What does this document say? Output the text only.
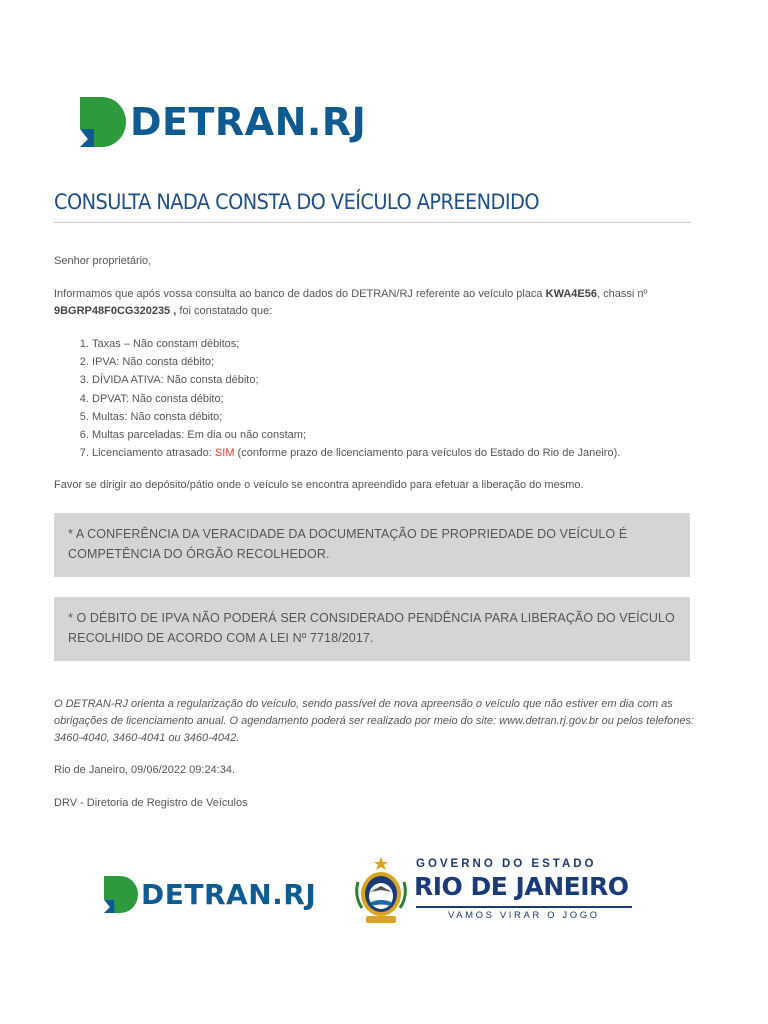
DETRAN.RJ
CONSULTA NADA CONSTA DO VEÍCULO APREENDIDO
Senhor proprietário,
Informamos que após vossa consulta ao banco de dados do DETRAN/RJ referente ao veículo placa KWA4E56, chassi nº
9BGRP48F0CG320235 , foi constatado que:
1. Taxas – Não constam débitos;
2. IPVA: Não consta débito;
3. DÍVIDA ATIVA: Não consta débito;
4. DPVAT: Não consta débito;
5. Multas: Não consta débito;
6. Multas parceladas: Em dia ou não constam;
7. Licenciamento atrasado: SIM (conforme prazo de licenciamento para veículos do Estado do Rio de Janeiro).
Favor se dirigir ao depósito/pátio onde o veículo se encontra apreendido para efetuar a liberação do mesmo.
* A CONFERÊNCIA DA VERACIDADE DA DOCUMENTAÇÃO DE PROPRIEDADE DO VEÍCULO É COMPETÊNCIA DO ÓRGÃO RECOLHEDOR.
* O DÉBITO DE IPVA NÃO PODERÁ SER CONSIDERADO PENDÊNCIA PARA LIBERAÇÃO DO VEÍCULO RECOLHIDO DE ACORDO COM A LEI Nº 7718/2017.
O DETRAN-RJ orienta a regularização do veículo, sendo passível de nova apreensão o veículo que não estiver em dia com as obrigações de licenciamento anual. O agendamento poderá ser realizado por meio do site: www.detran.rj.gov.br ou pelos telefones: 3460-4040, 3460-4041 ou 3460-4042.
Rio de Janeiro, 09/06/2022 09:24:34.
DRV - Diretoria de Registro de Veículos
DETRAN.RJ
GOVERNO DO ESTADO
RIO DE JANEIRO
VAMOS VIRAR O JOGO
